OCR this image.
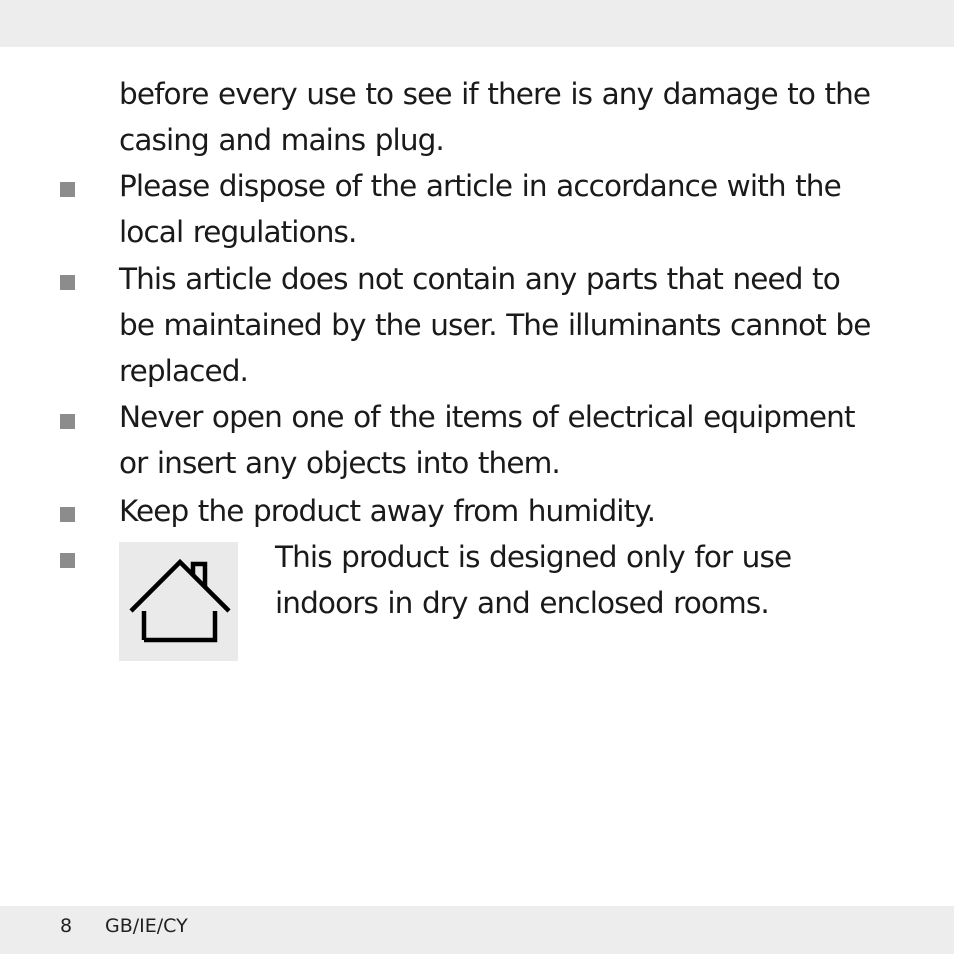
before every use to see if there is any damage to the
casing and mains plug.
Please dispose of the article in accordance with the
local regulations.
This article does not contain any parts that need to
be maintained by the user. The illuminants cannot be
replaced.
Never open one of the items of electrical equipment
or insert any objects into them.
Keep the product away from humidity.
This product is designed only for use
indoors in dry and enclosed rooms.
8 GB/IE/CY
